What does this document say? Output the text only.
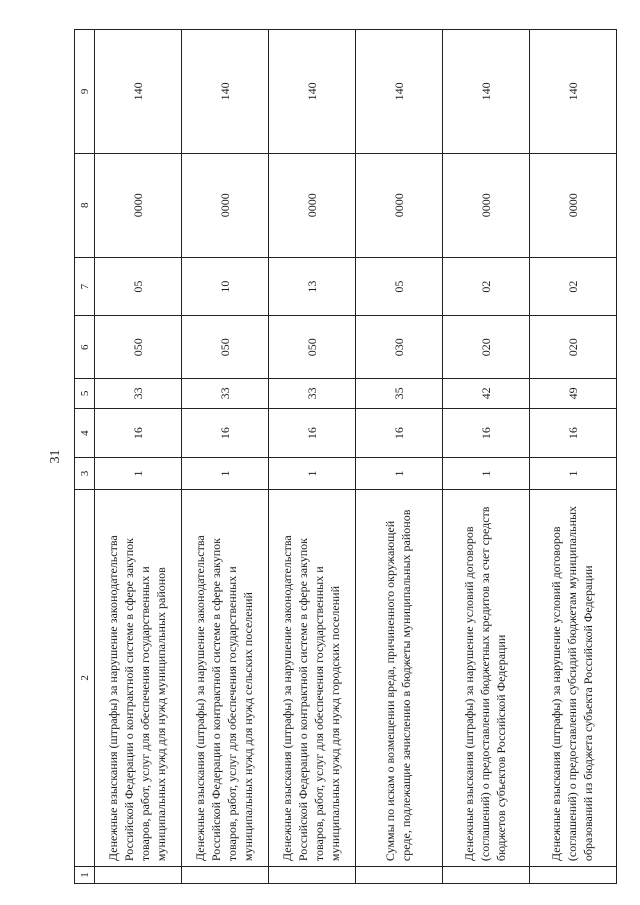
31
1	2	3	4	5	6	7	8	9
	Денежные взыскания (штрафы) за нарушение законодательства Российской Федерации о контрактной системе в сфере закупок товаров, работ, услуг для обеспечения государственных и муниципальных нужд для нужд муниципальных районов	1	16	33	050	05	0000	140
	Денежные взыскания (штрафы) за нарушение законодательства Российской Федерации о контрактной системе в сфере закупок товаров, работ, услуг для обеспечения государственных и муниципальных нужд для нужд сельских поселений	1	16	33	050	10	0000	140
	Денежные взыскания (штрафы) за нарушение законодательства Российской Федерации о контрактной системе в сфере закупок товаров, работ, услуг для обеспечения государственных и муниципальных нужд для нужд городских поселений	1	16	33	050	13	0000	140
	Суммы по искам о возмещении вреда, причиненного окружающей среде, подлежащие зачислению в бюджеты муниципальных районов	1	16	35	030	05	0000	140
	Денежные взыскания (штрафы) за нарушение условий договоров (соглашений) о предоставлении бюджетных кредитов за счет средств бюджетов субъектов Российской Федерации	1	16	42	020	02	0000	140
	Денежные взыскания (штрафы) за нарушение условий договоров (соглашений) о предоставлении субсидий бюджетам муниципальных образований из бюджета субъекта Российской Федерации	1	16	49	020	02	0000	140
